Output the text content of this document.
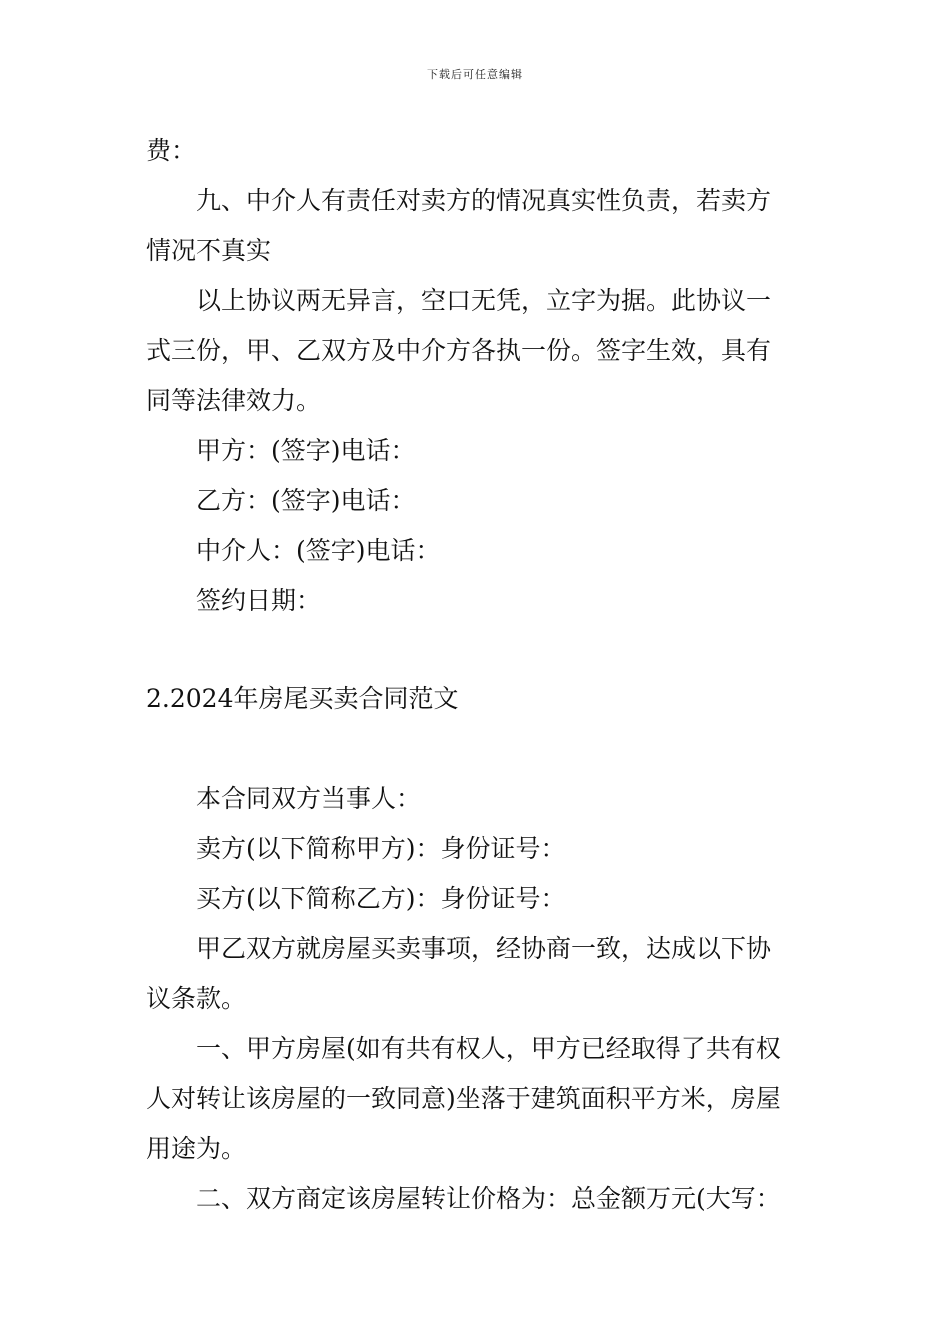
下载后可任意编辑
费：
九、中介人有责任对卖方的情况真实性负责，若卖方
情况不真实
以上协议两无异言，空口无凭，立字为据。此协议一
式三份，甲、乙双方及中介方各执一份。签字生效，具有
同等法律效力。
甲方：(签字)电话：
乙方：(签字)电话：
中介人：(签字)电话：
签约日期：
2.2024年房尾买卖合同范文
本合同双方当事人：
卖方(以下简称甲方)：身份证号：
买方(以下简称乙方)：身份证号：
甲乙双方就房屋买卖事项，经协商一致，达成以下协
议条款。
一、甲方房屋(如有共有权人，甲方已经取得了共有权
人对转让该房屋的一致同意)坐落于建筑面积平方米，房屋
用途为。
二、双方商定该房屋转让价格为：总金额万元(大写：
